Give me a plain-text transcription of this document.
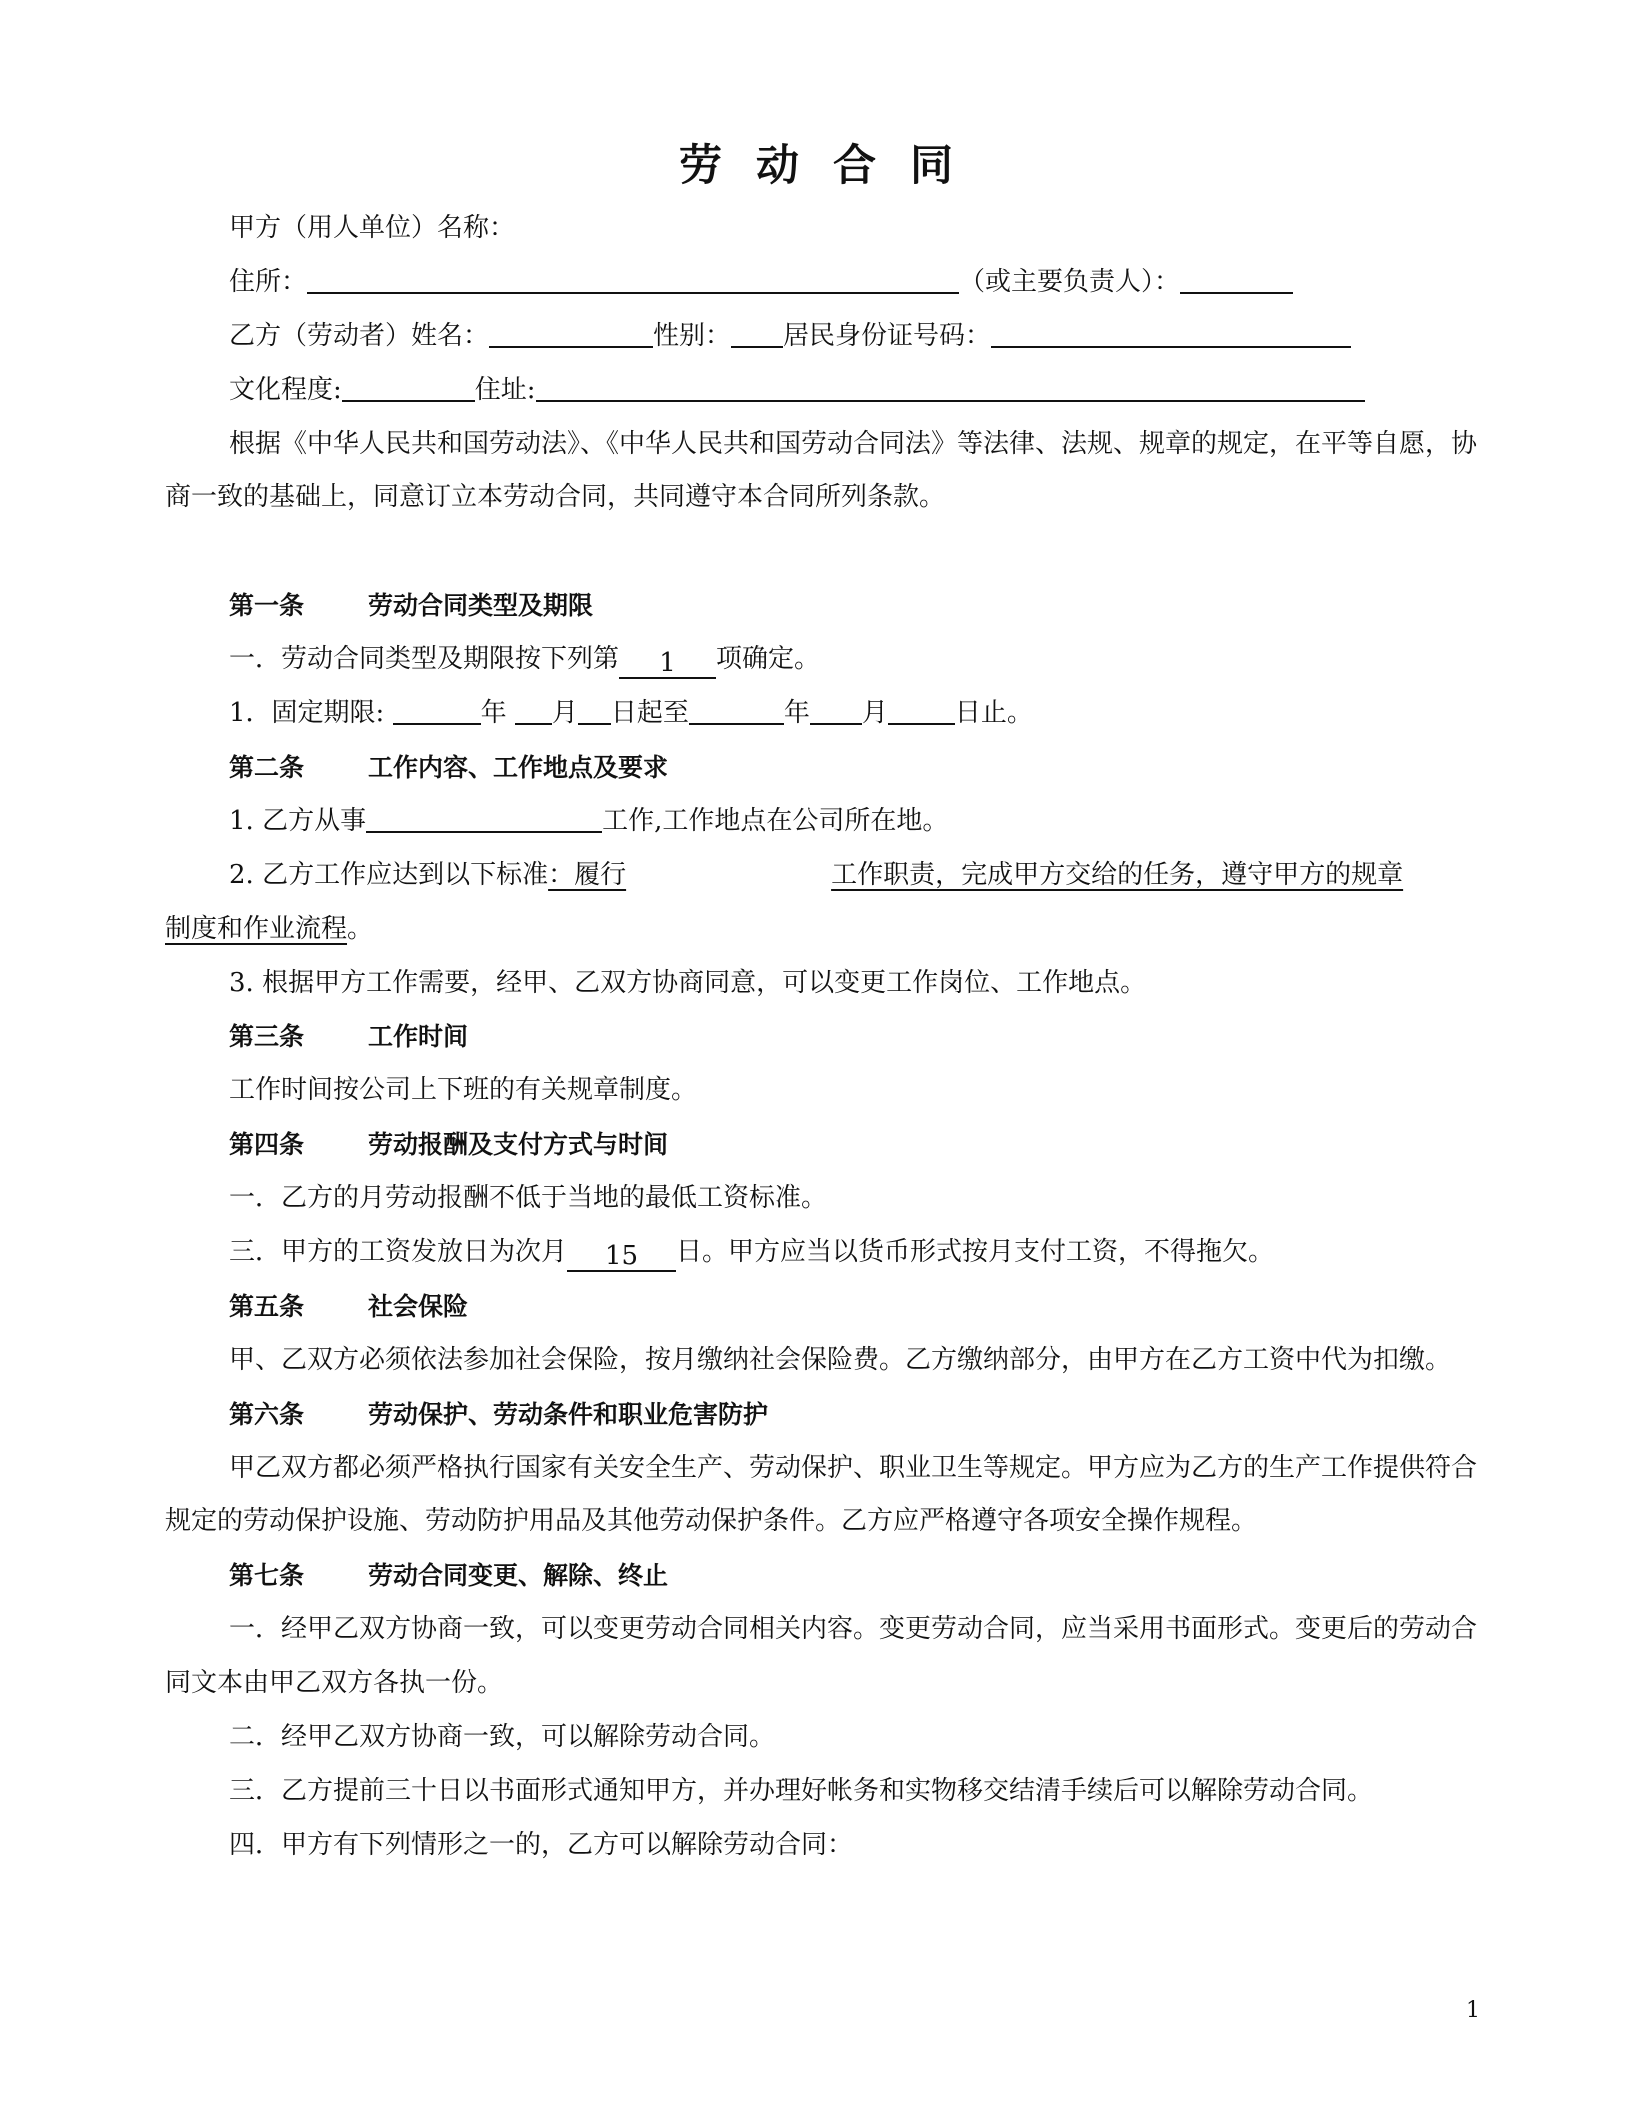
劳动合同
甲方（用人单位）名称：
住所：	（或主要负责人）：
乙方（劳动者）姓名：	性别： 居民身份证号码：
文化程度:	住址:
根据《中华人民共和国劳动法》、《中华人民共和国劳动合同法》等法律、法规、规章的规定，在平等自愿，协商一致的基础上，同意订立本劳动合同，共同遵守本合同所列条款。
第一条	劳动合同类型及期限
一．劳动合同类型及期限按下列第 1 项确定。
1．固定期限:	年 月 日起至	年 月	日止。
第二条	工作内容、工作地点及要求
1. 乙方从事	工作,工作地点在公司所在地。
2. 乙方工作应达到以下标准：履行	工作职责，完成甲方交给的任务，遵守甲方的规章
制度和作业流程。
3. 根据甲方工作需要，经甲、乙双方协商同意，可以变更工作岗位、工作地点。
第三条	工作时间
工作时间按公司上下班的有关规章制度。
第四条	劳动报酬及支付方式与时间
一．乙方的月劳动报酬不低于当地的最低工资标准。
三．甲方的工资发放日为次月 15 日。甲方应当以货币形式按月支付工资，不得拖欠。
第五条	社会保险
甲、乙双方必须依法参加社会保险，按月缴纳社会保险费。乙方缴纳部分，由甲方在乙方工资中代为扣缴。
第六条	劳动保护、劳动条件和职业危害防护
甲乙双方都必须严格执行国家有关安全生产、劳动保护、职业卫生等规定。甲方应为乙方的生产工作提供符合规定的劳动保护设施、劳动防护用品及其他劳动保护条件。乙方应严格遵守各项安全操作规程。
第七条	劳动合同变更、解除、终止
一．经甲乙双方协商一致，可以变更劳动合同相关内容。变更劳动合同，应当采用书面形式。变更后的劳动合同文本由甲乙双方各执一份。
二．经甲乙双方协商一致，可以解除劳动合同。
三．乙方提前三十日以书面形式通知甲方，并办理好帐务和实物移交结清手续后可以解除劳动合同。
四．甲方有下列情形之一的，乙方可以解除劳动合同：
1
